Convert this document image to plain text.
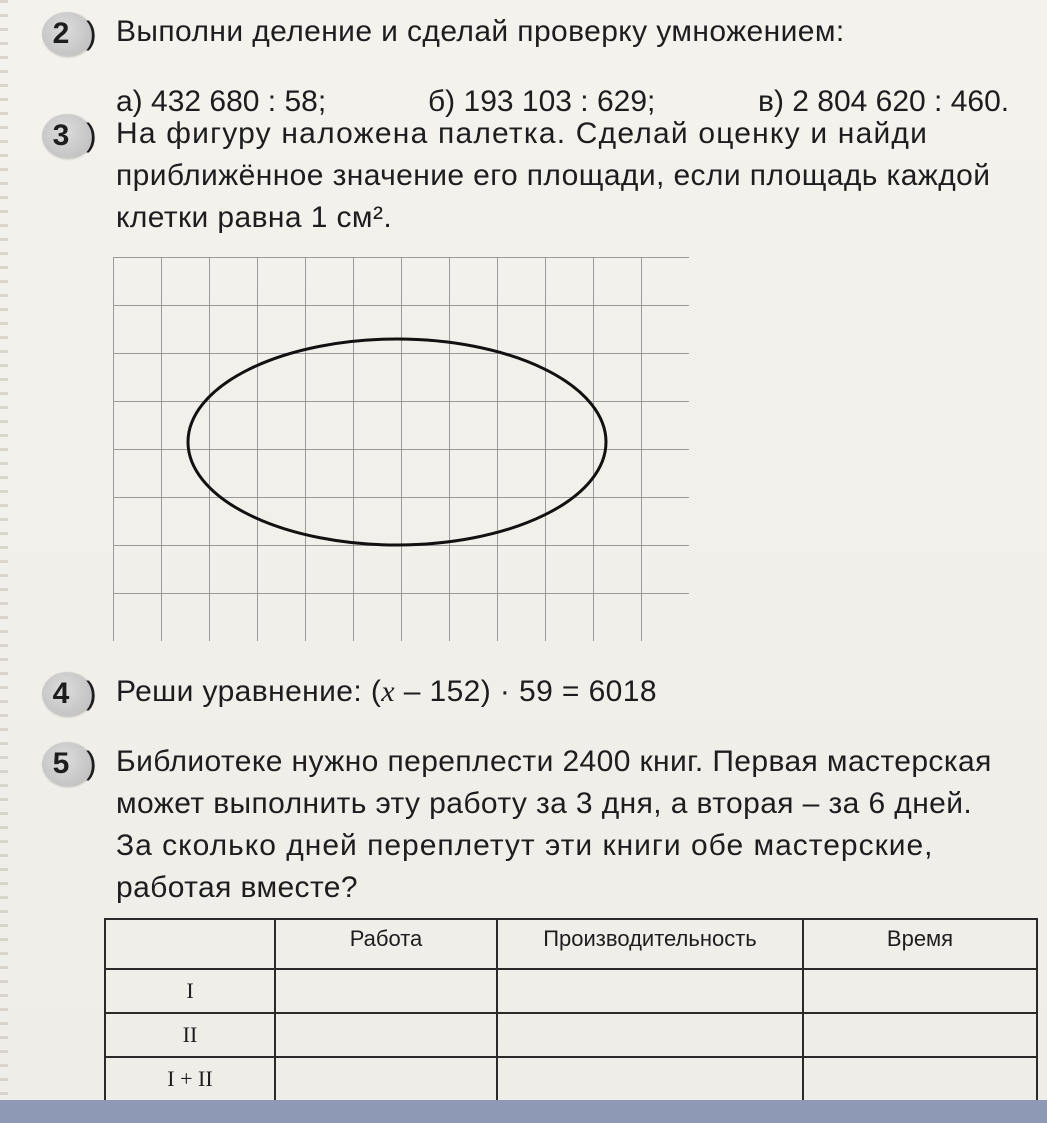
2 ) Выполни деление и сделай проверку умножением:
а) 432 680 : 58;	б) 193 103 : 629;	в) 2 804 620 : 460.
3 ) На фигуру наложена палетка. Сделай оценку и найди
приближённое значение его площади, если площадь каждой
клетки равна 1 см².
4 ) Реши уравнение: (x – 152) · 59 = 6018
5 ) Библиотеке нужно переплести 2400 книг. Первая мастерская
может выполнить эту работу за 3 дня, а вторая – за 6 дней.
За сколько дней переплетут эти книги обе мастерские,
работая вместе?
	Работа	Производительность	Время
I			
II			
I + II			
